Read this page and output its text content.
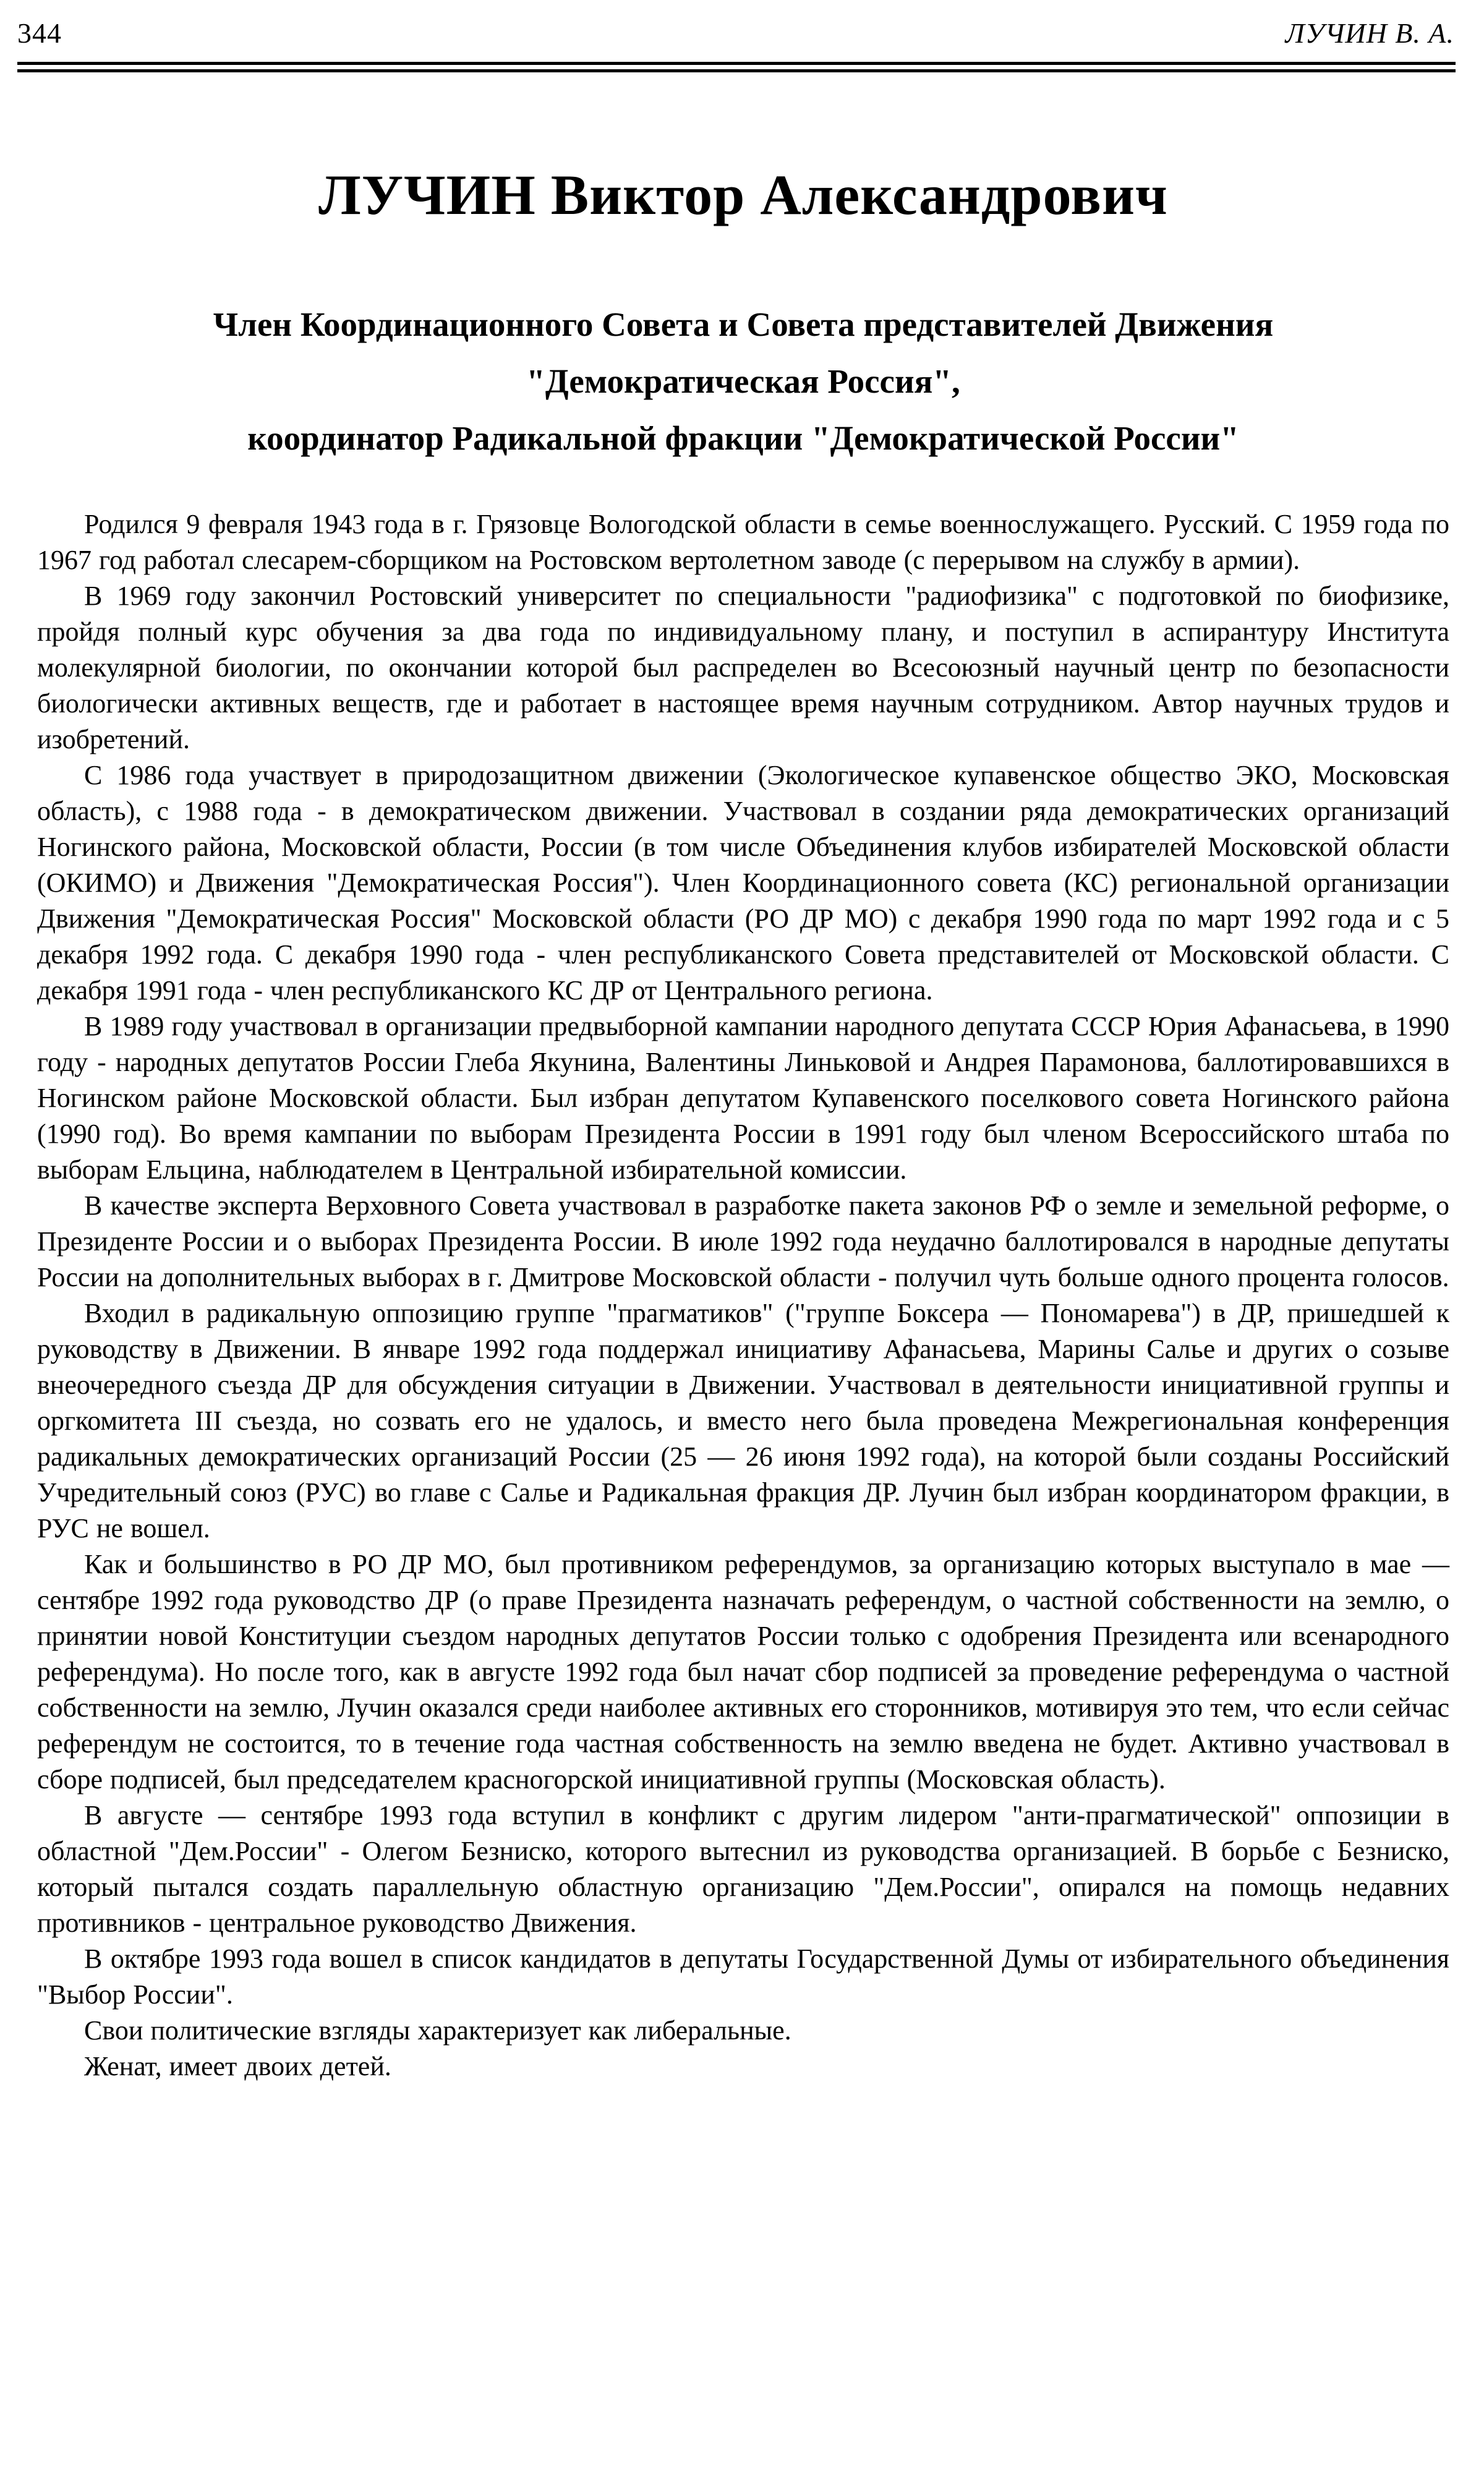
344	ЛУЧИН В. А.
ЛУЧИН Виктор Александрович
Член Координационного Совета и Совета представителей Движения
"Демократическая Россия",
координатор Радикальной фракции "Демократической России"

Родился 9 февраля 1943 года в г. Грязовце Вологодской области в семье военнослужащего. Русский. С 1959 года по 1967 год работал слесарем-сборщиком на Ростовском вертолетном заводе (с перерывом на службу в армии).

В 1969 году закончил Ростовский университет по специальности "радиофизика" с подготовкой по биофизике, пройдя полный курс обучения за два года по индивидуальному плану, и поступил в аспирантуру Института молекулярной биологии, по окончании которой был распределен во Всесоюзный научный центр по безопасности биологически активных веществ, где и работает в настоящее время научным сотрудником. Автор научных трудов и изобретений.

С 1986 года участвует в природозащитном движении (Экологическое купавенское общество ЭКО, Московская область), с 1988 года - в демократическом движении. Участвовал в создании ряда демократических организаций Ногинского района, Московской области, России (в том числе Объединения клубов избирателей Московской области (ОКИМО) и Движения "Демократическая Россия"). Член Координационного совета (КС) региональной организации Движения "Демократическая Россия" Московской области (РО ДР МО) с декабря 1990 года по март 1992 года и с 5 декабря 1992 года. С декабря 1990 года - член республиканского Совета представителей от Московской области. С декабря 1991 года - член республиканского КС ДР от Центрального региона.

В 1989 году участвовал в организации предвыборной кампании народного депутата СССР Юрия Афанасьева, в 1990 году - народных депутатов России Глеба Якунина, Валентины Линьковой и Андрея Парамонова, баллотировавшихся в Ногинском районе Московской области. Был избран депутатом Купавенского поселкового совета Ногинского района (1990 год). Во время кампании по выборам Президента России в 1991 году был членом Всероссийского штаба по выборам Ельцина, наблюдателем в Центральной избирательной комиссии.

В качестве эксперта Верховного Совета участвовал в разработке пакета законов РФ о земле и земельной реформе, о Президенте России и о выборах Президента России. В июле 1992 года неудачно баллотировался в народные депутаты России на дополнительных выборах в г. Дмитрове Московской области - получил чуть больше одного процента голосов.

Входил в радикальную оппозицию группе "прагматиков" ("группе Боксера — Пономарева") в ДР, пришедшей к руководству в Движении. В январе 1992 года поддержал инициативу Афанасьева, Марины Салье и других о созыве внеочередного съезда ДР для обсуждения ситуации в Движении. Участвовал в деятельности инициативной группы и оргкомитета III съезда, но созвать его не удалось, и вместо него была проведена Межрегиональная конференция радикальных демократических организаций России (25 — 26 июня 1992 года), на которой были созданы Российский Учредительный союз (РУС) во главе с Салье и Радикальная фракция ДР. Лучин был избран координатором фракции, в РУС не вошел.

Как и большинство в РО ДР МО, был противником референдумов, за организацию которых выступало в мае — сентябре 1992 года руководство ДР (о праве Президента назначать референдум, о частной собственности на землю, о принятии новой Конституции съездом народных депутатов России только с одобрения Президента или всенародного референдума). Но после того, как в августе 1992 года был начат сбор подписей за проведение референдума о частной собственности на землю, Лучин оказался среди наиболее активных его сторонников, мотивируя это тем, что если сейчас референдум не состоится, то в течение года частная собственность на землю введена не будет. Активно участвовал в сборе подписей, был председателем красногорской инициативной группы (Московская область).

В августе — сентябре 1993 года вступил в конфликт с другим лидером "анти-прагматической" оппозиции в областной "Дем.России" - Олегом Безниско, которого вытеснил из руководства организацией. В борьбе с Безниско, который пытался создать параллельную областную организацию "Дем.России", опирался на помощь недавних противников - центральное руководство Движения.

В октябре 1993 года вошел в список кандидатов в депутаты Государственной Думы от избирательного объединения "Выбор России".

Свои политические взгляды характеризует как либеральные.

Женат, имеет двоих детей.
